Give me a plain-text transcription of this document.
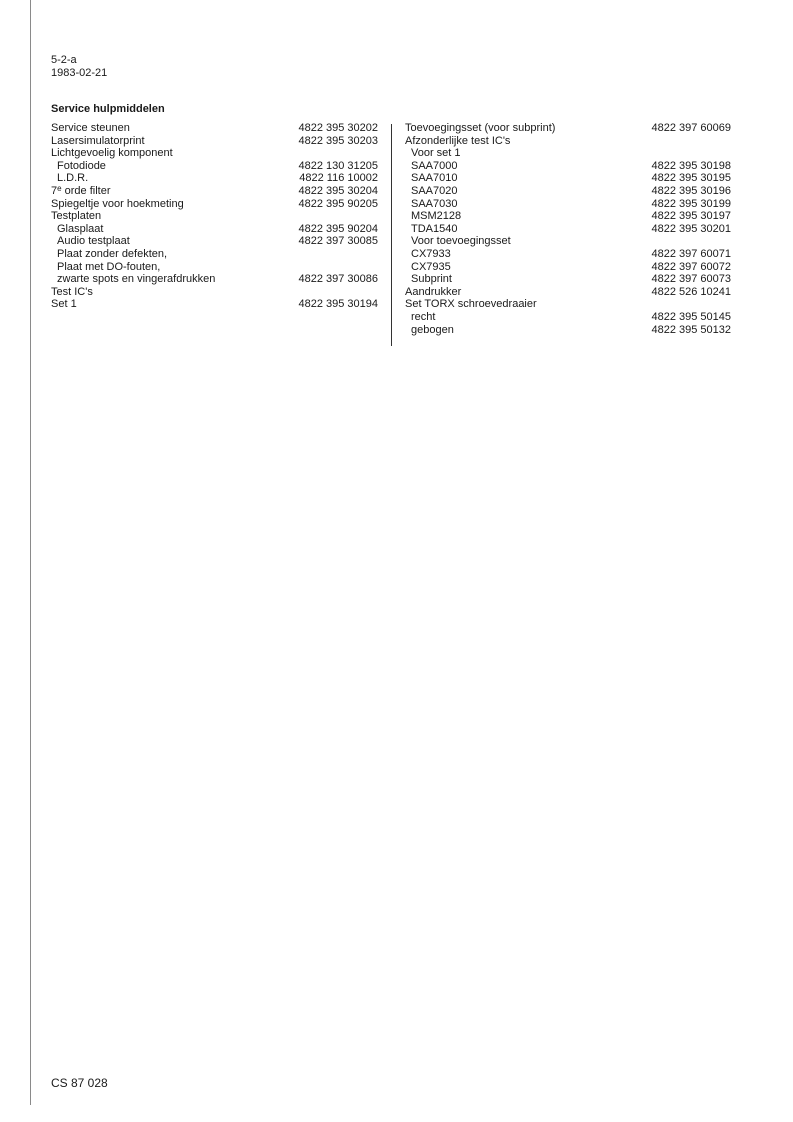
5-2-a
1983-02-21
Service hulpmiddelen
Service steunen	4822 395 30202
Lasersimulatorprint	4822 395 30203
Lichtgevoelig komponent
Fotodiode	4822 130 31205
L.D.R.	4822 116 10002
7e orde filter	4822 395 30204
Spiegeltje voor hoekmeting	4822 395 90205
Testplaten
Glasplaat	4822 395 90204
Audio testplaat	4822 397 30085
Plaat zonder defekten,
Plaat met DO-fouten,
zwarte spots en vingerafdrukken	4822 397 30086
Test IC's
Set 1	4822 395 30194
Toevoegingsset (voor subprint)	4822 397 60069
Afzonderlijke test IC's
Voor set 1
SAA7000	4822 395 30198
SAA7010	4822 395 30195
SAA7020	4822 395 30196
SAA7030	4822 395 30199
MSM2128	4822 395 30197
TDA1540	4822 395 30201
Voor toevoegingsset
CX7933	4822 397 60071
CX7935	4822 397 60072
Subprint	4822 397 60073
Aandrukker	4822 526 10241
Set TORX schroevedraaier
recht	4822 395 50145
gebogen	4822 395 50132
CS 87 028
